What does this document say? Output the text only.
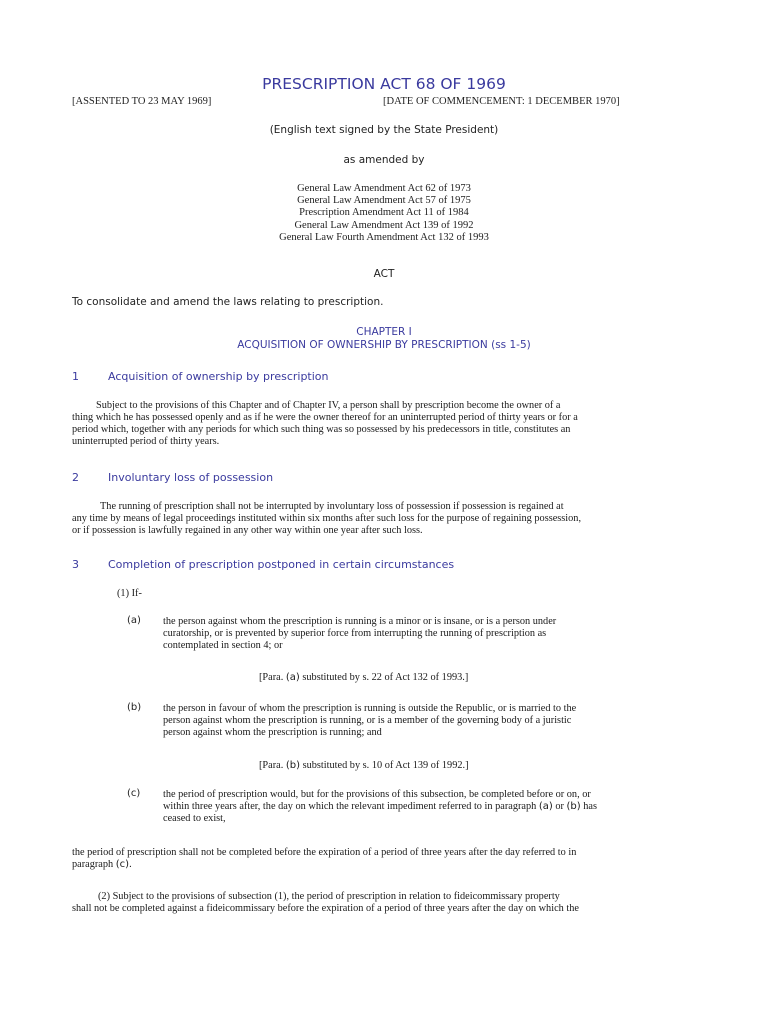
PRESCRIPTION ACT 68 OF 1969
[ASSENTED TO 23 MAY 1969]	[DATE OF COMMENCEMENT: 1 DECEMBER 1970]
(English text signed by the State President)
as amended by
General Law Amendment Act 62 of 1973
General Law Amendment Act 57 of 1975
Prescription Amendment Act 11 of 1984
General Law Amendment Act 139 of 1992
General Law Fourth Amendment Act 132 of 1993
ACT
To consolidate and amend the laws relating to prescription.
CHAPTER I
ACQUISITION OF OWNERSHIP BY PRESCRIPTION (ss 1-5)
1	Acquisition of ownership by prescription
Subject to the provisions of this Chapter and of Chapter IV, a person shall by prescription become the owner of a
thing which he has possessed openly and as if he were the owner thereof for an uninterrupted period of thirty years or for a
period which, together with any periods for which such thing was so possessed by his predecessors in title, constitutes an
uninterrupted period of thirty years.
2	Involuntary loss of possession
The running of prescription shall not be interrupted by involuntary loss of possession if possession is regained at
any time by means of legal proceedings instituted within six months after such loss for the purpose of regaining possession,
or if possession is lawfully regained in any other way within one year after such loss.
3	Completion of prescription postponed in certain circumstances
(1) If-
(a) the person against whom the prescription is running is a minor or is insane, or is a person under
curatorship, or is prevented by superior force from interrupting the running of prescription as
contemplated in section 4; or
[Para. (a) substituted by s. 22 of Act 132 of 1993.]
(b) the person in favour of whom the prescription is running is outside the Republic, or is married to the
person against whom the prescription is running, or is a member of the governing body of a juristic
person against whom the prescription is running; and
[Para. (b) substituted by s. 10 of Act 139 of 1992.]
(c) the period of prescription would, but for the provisions of this subsection, be completed before or on, or
within three years after, the day on which the relevant impediment referred to in paragraph (a) or (b) has
ceased to exist,
the period of prescription shall not be completed before the expiration of a period of three years after the day referred to in
paragraph (c).
(2) Subject to the provisions of subsection (1), the period of prescription in relation to fideicommissary property
shall not be completed against a fideicommissary before the expiration of a period of three years after the day on which the
